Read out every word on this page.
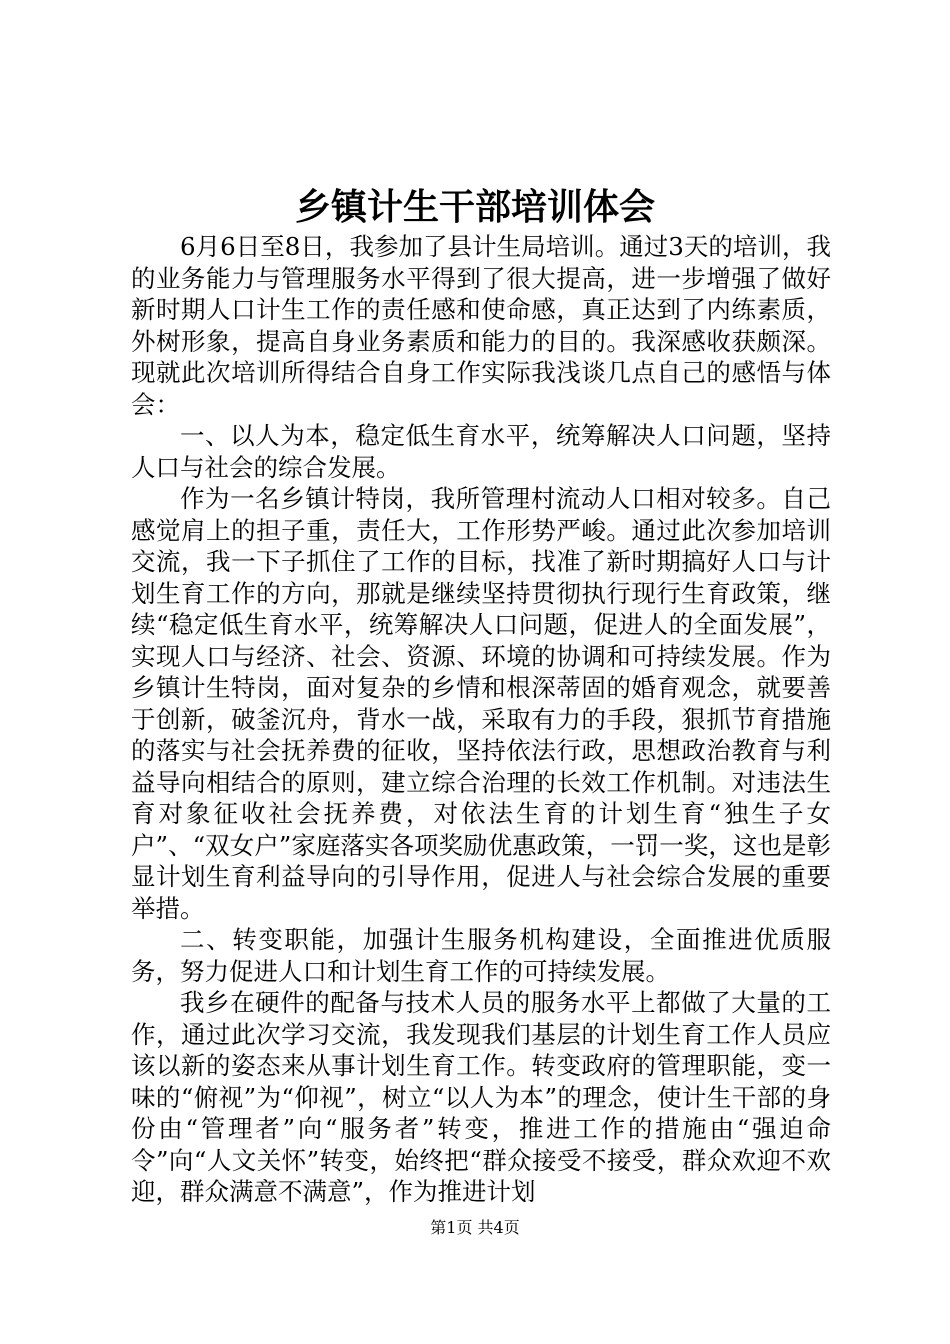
乡镇计生干部培训体会

6月6日至8日，我参加了县计生局培训。通过3天的培训，我的业务能力与管理服务水平得到了很大提高，进一步增强了做好新时期人口计生工作的责任感和使命感，真正达到了内练素质，外树形象，提高自身业务素质和能力的目的。我深感收获颇深。现就此次培训所得结合自身工作实际我浅谈几点自己的感悟与体会：

一、以人为本，稳定低生育水平，统筹解决人口问题，坚持人口与社会的综合发展。

作为一名乡镇计特岗，我所管理村流动人口相对较多。自己感觉肩上的担子重，责任大，工作形势严峻。通过此次参加培训交流，我一下子抓住了工作的目标，找准了新时期搞好人口与计划生育工作的方向，那就是继续坚持贯彻执行现行生育政策，继续“稳定低生育水平，统筹解决人口问题，促进人的全面发展”，实现人口与经济、社会、资源、环境的协调和可持续发展。作为乡镇计生特岗，面对复杂的乡情和根深蒂固的婚育观念，就要善于创新，破釜沉舟，背水一战，采取有力的手段，狠抓节育措施的落实与社会抚养费的征收，坚持依法行政，思想政治教育与利益导向相结合的原则，建立综合治理的长效工作机制。对违法生育对象征收社会抚养费，对依法生育的计划生育“独生子女户”、“双女户”家庭落实各项奖励优惠政策，一罚一奖，这也是彰显计划生育利益导向的引导作用，促进人与社会综合发展的重要举措。

二、转变职能，加强计生服务机构建设，全面推进优质服务，努力促进人口和计划生育工作的可持续发展。

我乡在硬件的配备与技术人员的服务水平上都做了大量的工作，通过此次学习交流，我发现我们基层的计划生育工作人员应该以新的姿态来从事计划生育工作。转变政府的管理职能，变一味的“俯视”为“仰视”，树立“以人为本”的理念，使计生干部的身份由“管理者”向“服务者”转变，推进工作的措施由“强迫命令”向“人文关怀”转变，始终把“群众接受不接受，群众欢迎不欢迎，群众满意不满意”，作为推进计划

第1页 共4页
